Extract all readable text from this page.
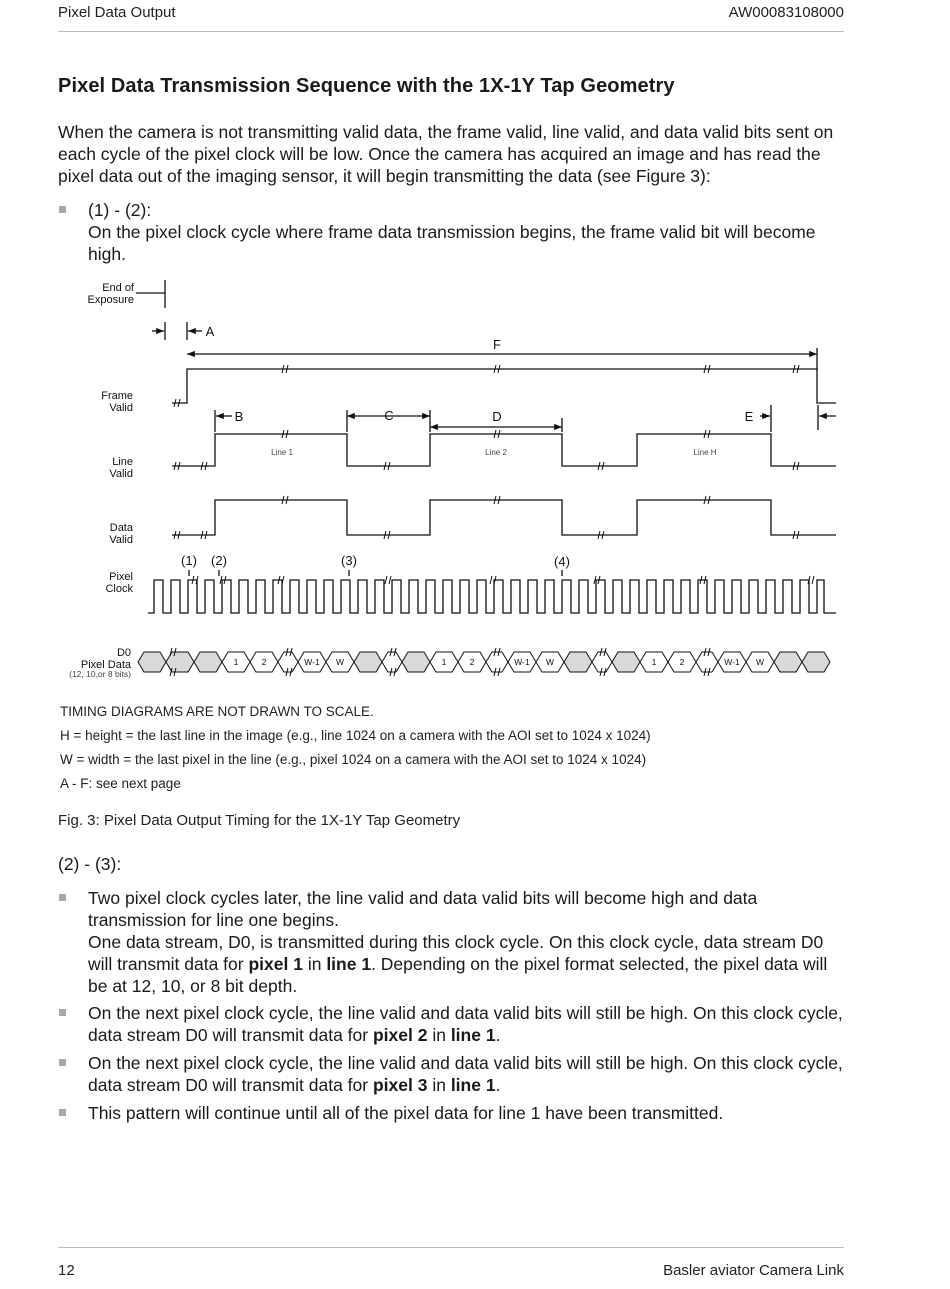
Pixel Data Output	AW00083108000
Pixel Data Transmission Sequence with the 1X-1Y Tap Geometry

When the camera is not transmitting valid data, the frame valid, line valid, and data valid bits sent on each cycle of the pixel clock will be low. Once the camera has acquired an image and has read the pixel data out of the imaging sensor, it will begin transmitting the data (see Figure 3):

(1) - (2):
On the pixel clock cycle where frame data transmission begins, the frame valid bit will become high.
End of
Exposure
Frame
Valid
Line
Valid
Data
Valid
Pixel
Clock
D0
Pixel Data
(12, 10,or 8 bits)
A
F
B	C	D	E
Line 1	Line 2	Line H
(1) (2)	(3)	(4)
1	2	W-1 W	1	2	W-1 W	1	2	W-1 W
TIMING DIAGRAMS ARE NOT DRAWN TO SCALE.
H = height = the last line in the image (e.g., line 1024 on a camera with the AOI set to 1024 x 1024)
W = width = the last pixel in the line (e.g., pixel 1024 on a camera with the AOI set to 1024 x 1024)
A - F: see next page
Fig. 3: Pixel Data Output Timing for the 1X-1Y Tap Geometry
(2) - (3):
Two pixel clock cycles later, the line valid and data valid bits will become high and data transmission for line one begins.
One data stream, D0, is transmitted during this clock cycle. On this clock cycle, data stream D0 will transmit data for pixel 1 in line 1. Depending on the pixel format selected, the pixel data will be at 12, 10, or 8 bit depth.
On the next pixel clock cycle, the line valid and data valid bits will still be high. On this clock cycle, data stream D0 will transmit data for pixel 2 in line 1.
On the next pixel clock cycle, the line valid and data valid bits will still be high. On this clock cycle, data stream D0 will transmit data for pixel 3 in line 1.
This pattern will continue until all of the pixel data for line 1 have been transmitted.
12	Basler aviator Camera Link
